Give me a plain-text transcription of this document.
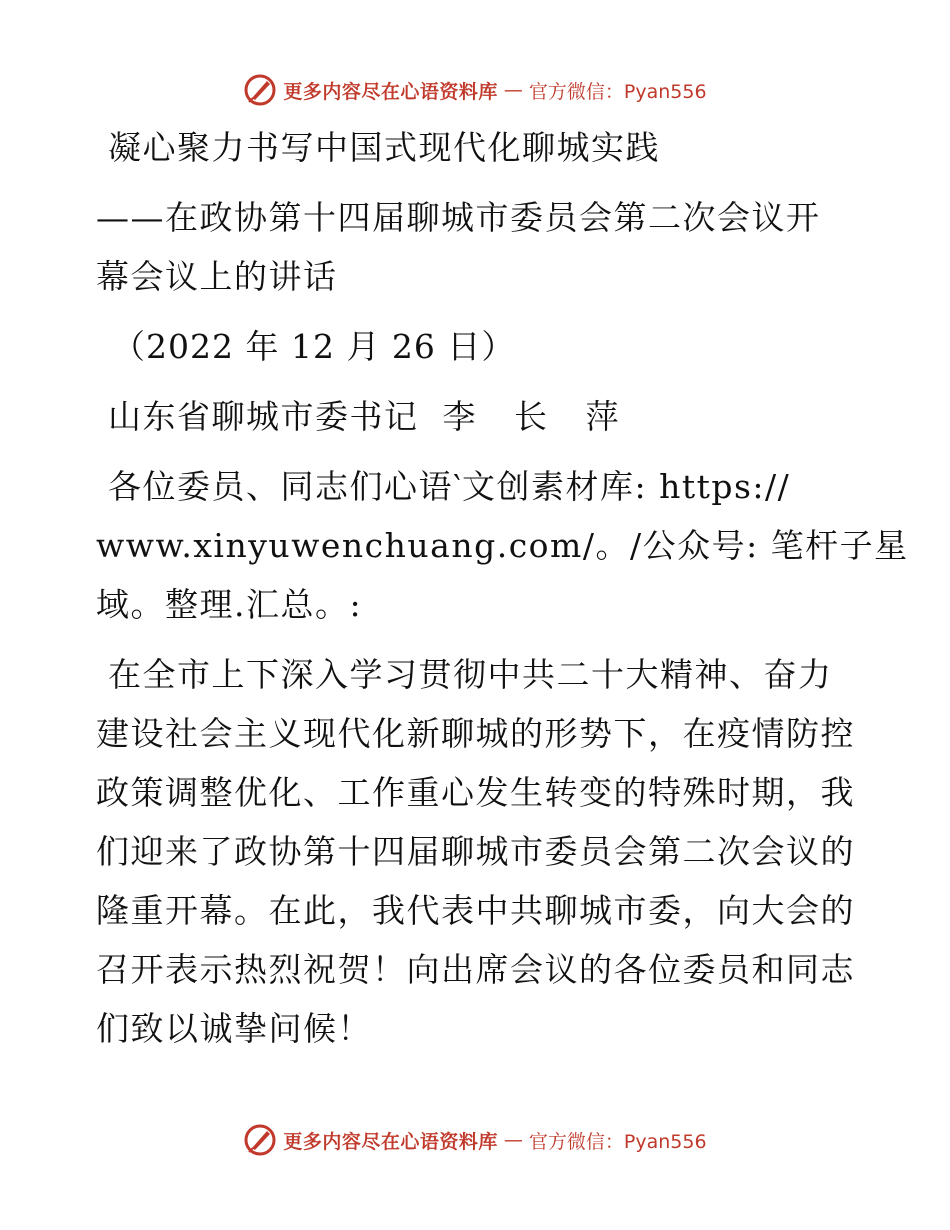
更多内容尽在心语资料库 — 官方微信：Pyan556
凝心聚力书写中国式现代化聊城实践
——在政协第十四届聊城市委员会第二次会议开
幕会议上的讲话
（2022 年 12 月 26 日）
山东省聊城市委书记 李 长 萍
各位委员、同志们心语‵文创素材库: https://
www.xinyuwenchuang.com/。/公众号: 笔杆子星
域。整理.汇总。:
在全市上下深入学习贯彻中共二十大精神、奋力
建设社会主义现代化新聊城的形势下，在疫情防控
政策调整优化、工作重心发生转变的特殊时期，我
们迎来了政协第十四届聊城市委员会第二次会议的
隆重开幕。在此，我代表中共聊城市委，向大会的
召开表示热烈祝贺！向出席会议的各位委员和同志
们致以诚挚问候！
更多内容尽在心语资料库 — 官方微信：Pyan556
